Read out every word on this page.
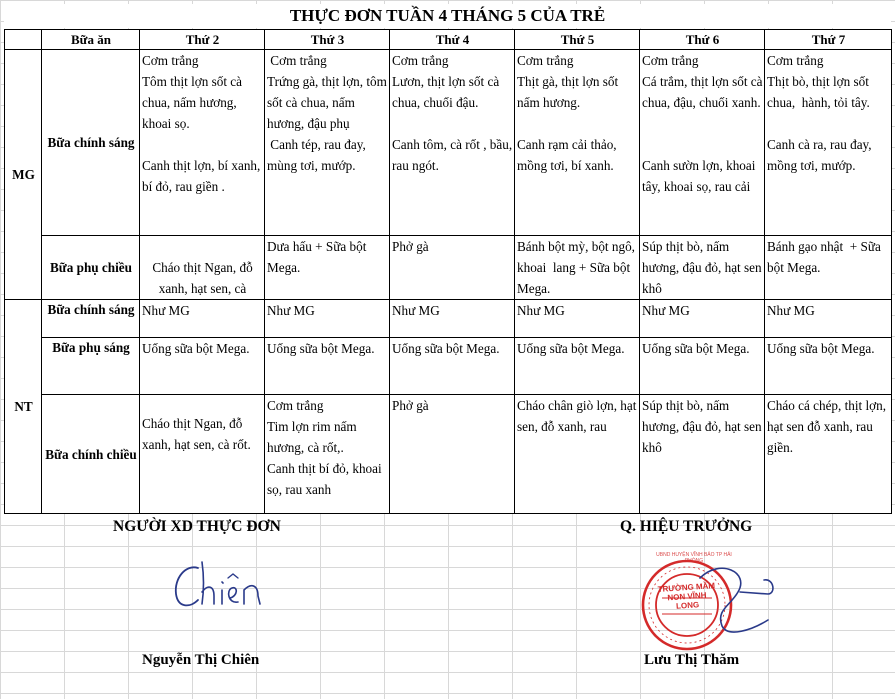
THỰC ĐƠN TUẦN 4 THÁNG 5 CỦA TRẺ
	Bữa ăn	Thứ 2	Thứ 3	Thứ 4	Thứ 5	Thứ 6	Thứ 7
MG	Bữa chính sáng	Cơm trắng
Tôm thịt lợn sốt cà chua, nấm hương, khoai sọ.

Canh thịt lợn, bí xanh, bí đỏ, rau giền .	Cơm trắng
Trứng gà, thịt lợn, tôm sốt cà chua, nấm hương, đậu phụ
Canh tép, rau đay, mùng tơi, mướp.	Cơm trắng
Lươn, thịt lợn sốt cà chua, chuối đậu.

Canh tôm, cà rốt , bầu, rau ngót.	Cơm trắng
Thịt gà, thịt lợn sốt nấm hương.

Canh rạm cải thảo, mồng tơi, bí xanh.	Cơm trắng
Cá trắm, thịt lợn sốt cà chua, đậu, chuối xanh.

Canh sườn lợn, khoai tây, khoai sọ, rau cải	Cơm trắng
Thịt bò, thịt lợn sốt chua,  hành, tỏi tây.

Canh cà ra, rau đay, mồng tơi, mướp.
	Bữa phụ chiều	Cháo thịt Ngan, đỗ xanh, hạt sen, cà	Dưa hấu + Sữa bột Mega.	Phở gà	Bánh bột mỳ, bột ngô,  khoai  lang + Sữa bột Mega.	Súp thịt bò, nấm hương, đậu đỏ, hạt sen khô	Bánh gạo nhật  + Sữa bột Mega.
NT	Bữa chính sáng	Như MG	Như MG	Như MG	Như MG	Như MG	Như MG
	Bữa phụ sáng	Uống sữa bột Mega.	Uống sữa bột Mega.	Uống sữa bột Mega.	Uống sữa bột Mega.	Uống sữa bột Mega.	Uống sữa bột Mega.
	Bữa chính chiều	Cháo thịt Ngan, đỗ xanh, hạt sen, cà rốt.	Cơm trắng
Tim lợn rim nấm hương, cà rốt,.
Canh thịt bí đỏ, khoai sọ, rau xanh	Phở gà	Cháo chân giò lợn, hạt sen, đỗ xanh, rau	Súp thịt bò, nấm hương, đậu đỏ, hạt sen khô	Cháo cá chép, thịt lợn, hạt sen đỗ xanh, rau giền.
NGƯỜI XD THỰC ĐƠN	Q. HIỆU TRƯỞNG
TRƯỜNG MẦM NON VĨNH LONG
UBND HUYỆN VĨNH BẢO TP HẢI PHÒNG
Nguyễn Thị Chiên	Lưu Thị Thăm
